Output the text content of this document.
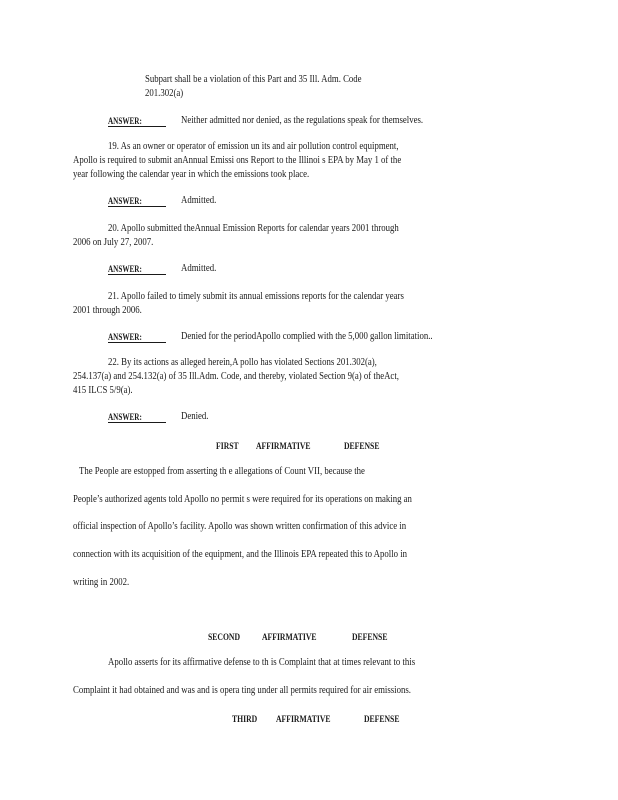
Subpart shall be a violation of this Part and 35 Ill. Adm. Code
201.302(a)
ANSWER:	Neither admitted nor denied, as the regulations speak for themselves.
19. As an owner or operator of emission un its and air pollution control equipment,
Apollo is required to submit anAnnual Emissi ons Report to the Illinoi s EPA by May 1 of the
year following the calendar year in which the emissions took place.
ANSWER:	Admitted.
20. Apollo submitted theAnnual Emission Reports for calendar years 2001 through
2006 on July 27, 2007.
ANSWER:	Admitted.
21. Apollo failed to timely submit its annual emissions reports for the calendar years
2001 through 2006.
ANSWER:	Denied for the periodApollo complied with the 5,000 gallon limitation..
22. By its actions as alleged herein,A pollo has violated Sections 201.302(a),
254.137(a) and 254.132(a) of 35 Ill.Adm. Code, and thereby, violated Section 9(a) of theAct,
415 ILCS 5/9(a).
ANSWER:	Denied.
FIRST AFFIRMATIVE	DEFENSE
The People are estopped from asserting th e allegations of Count VII, because the
People’s authorized agents told Apollo no permit s were required for its operations on making an
official inspection of Apollo’s facility. Apollo was shown written confirmation of this advice in
connection with its acquisition of the equipment, and the Illinois EPA repeated this to Apollo in
writing in 2002.
SECOND AFFIRMATIVE	DEFENSE
Apollo asserts for its affirmative defense to th is Complaint that at times relevant to this
Complaint it had obtained and was and is opera ting under all permits required for air emissions.
THIRD AFFIRMATIVE	DEFENSE
